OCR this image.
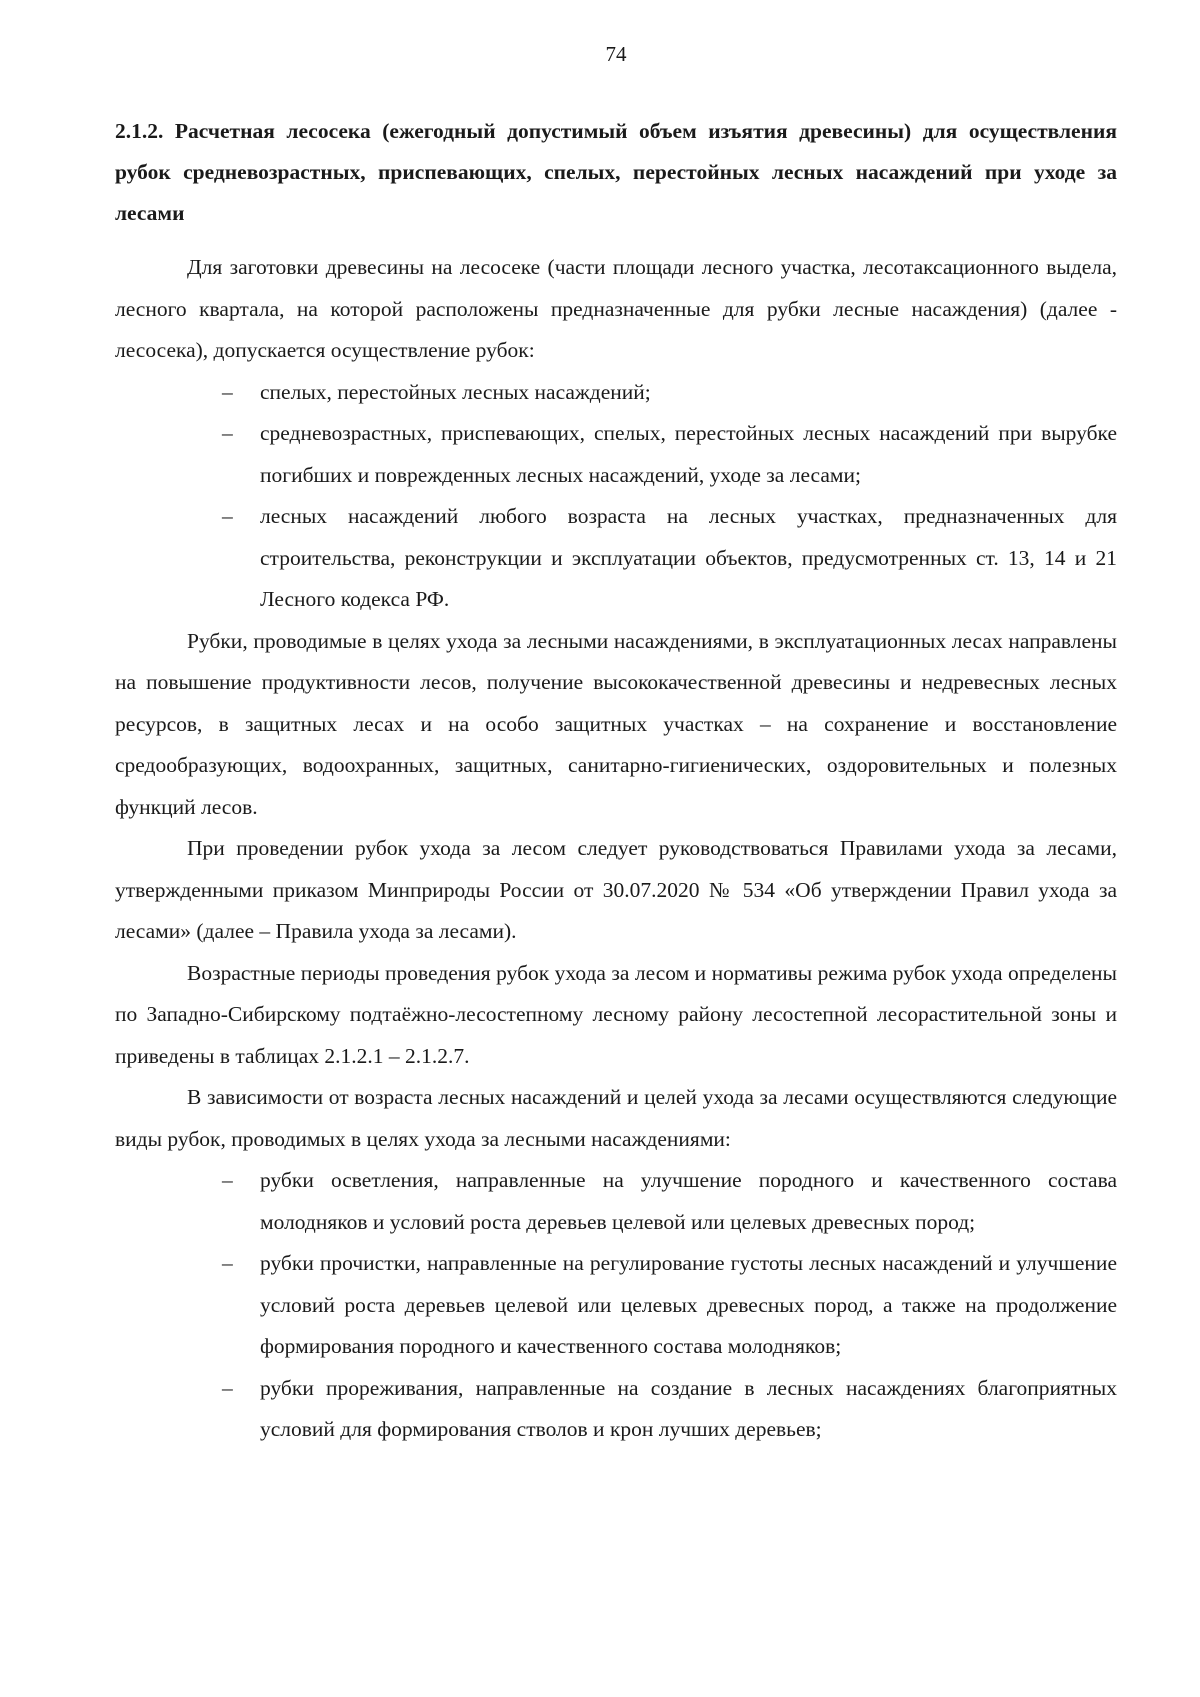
74

2.1.2. Расчетная лесосека (ежегодный допустимый объем изъятия древесины) для осуществления рубок средневозрастных, приспевающих, спелых, перестойных лесных насаждений при уходе за лесами

Для заготовки древесины на лесосеке (части площади лесного участка, лесотаксационного выдела, лесного квартала, на которой расположены предназначенные для рубки лесные насаждения) (далее - лесосека), допускается осуществление рубок:

– спелых, перестойных лесных насаждений;
– средневозрастных, приспевающих, спелых, перестойных лесных насаждений при вырубке погибших и поврежденных лесных насаждений, уходе за лесами;
– лесных насаждений любого возраста на лесных участках, предназначенных для строительства, реконструкции и эксплуатации объектов, предусмотренных ст. 13, 14 и 21 Лесного кодекса РФ.

Рубки, проводимые в целях ухода за лесными насаждениями, в эксплуатационных лесах направлены на повышение продуктивности лесов, получение высококачественной древесины и недревесных лесных ресурсов, в защитных лесах и на особо защитных участках – на сохранение и восстановление средообразующих, водоохранных, защитных, санитарно-гигиенических, оздоровительных и полезных функций лесов.

При проведении рубок ухода за лесом следует руководствоваться Правилами ухода за лесами, утвержденными приказом Минприроды России от 30.07.2020 № 534 «Об утверждении Правил ухода за лесами» (далее – Правила ухода за лесами).

Возрастные периоды проведения рубок ухода за лесом и нормативы режима рубок ухода определены по Западно-Сибирскому подтаёжно-лесостепному лесному району лесостепной лесорастительной зоны и приведены в таблицах 2.1.2.1 – 2.1.2.7.

В зависимости от возраста лесных насаждений и целей ухода за лесами осуществляются следующие виды рубок, проводимых в целях ухода за лесными насаждениями:

– рубки осветления, направленные на улучшение породного и качественного состава молодняков и условий роста деревьев целевой или целевых древесных пород;
– рубки прочистки, направленные на регулирование густоты лесных насаждений и улучшение условий роста деревьев целевой или целевых древесных пород, а также на продолжение формирования породного и качественного состава молодняков;
– рубки прореживания, направленные на создание в лесных насаждениях благоприятных условий для формирования стволов и крон лучших деревьев;
